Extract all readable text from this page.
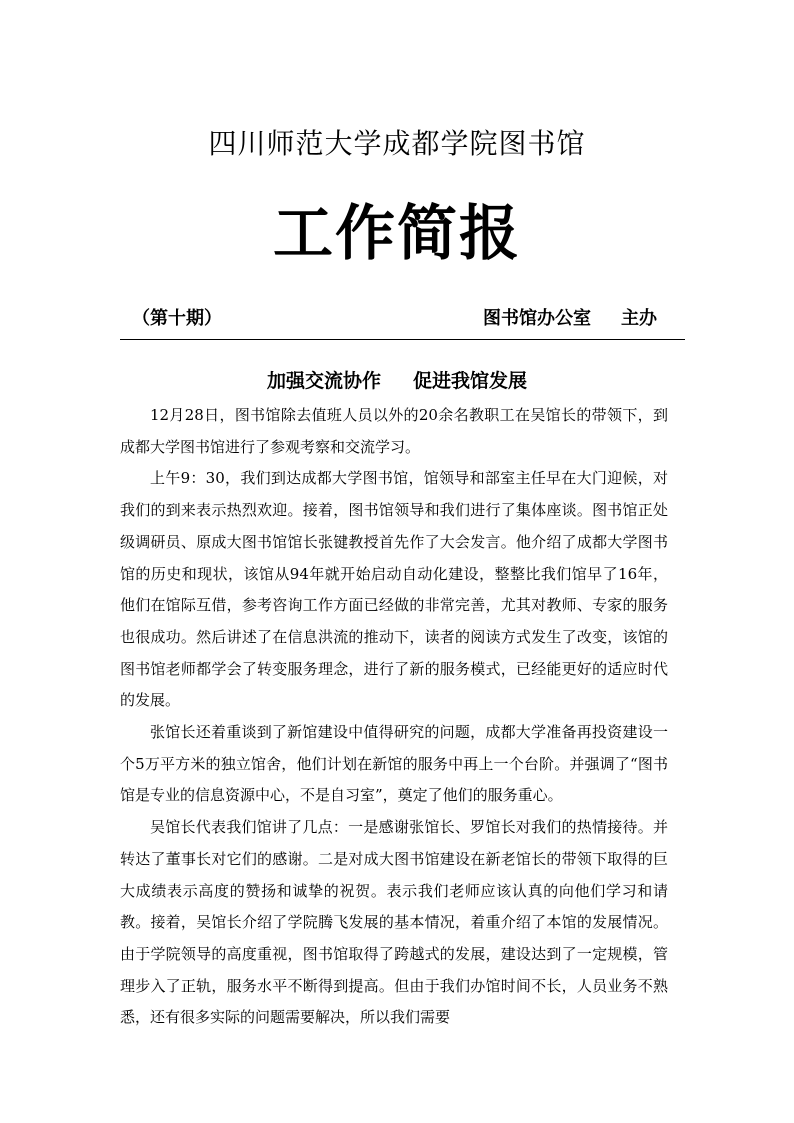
四川师范大学成都学院图书馆
工作简报
（第十期）	图书馆办公室 主办
加强交流协作 促进我馆发展

12月28日，图书馆除去值班人员以外的20余名教职工在吴馆长的带领下，到成都大学图书馆进行了参观考察和交流学习。

上午9：30，我们到达成都大学图书馆，馆领导和部室主任早在大门迎候，对我们的到来表示热烈欢迎。接着，图书馆领导和我们进行了集体座谈。图书馆正处级调研员、原成大图书馆馆长张键教授首先作了大会发言。他介绍了成都大学图书馆的历史和现状，该馆从94年就开始启动自动化建设，整整比我们馆早了16年，他们在馆际互借，参考咨询工作方面已经做的非常完善，尤其对教师、专家的服务也很成功。然后讲述了在信息洪流的推动下，读者的阅读方式发生了改变，该馆的图书馆老师都学会了转变服务理念，进行了新的服务模式，已经能更好的适应时代的发展。

张馆长还着重谈到了新馆建设中值得研究的问题，成都大学准备再投资建设一个5万平方米的独立馆舍，他们计划在新馆的服务中再上一个台阶。并强调了“图书馆是专业的信息资源中心，不是自习室”，奠定了他们的服务重心。

吴馆长代表我们馆讲了几点：一是感谢张馆长、罗馆长对我们的热情接待。并转达了董事长对它们的感谢。二是对成大图书馆建设在新老馆长的带领下取得的巨大成绩表示高度的赞扬和诚挚的祝贺。表示我们老师应该认真的向他们学习和请教。接着，吴馆长介绍了学院腾飞发展的基本情况，着重介绍了本馆的发展情况。由于学院领导的高度重视，图书馆取得了跨越式的发展，建设达到了一定规模，管理步入了正轨，服务水平不断得到提高。但由于我们办馆时间不长，人员业务不熟悉，还有很多实际的问题需要解决，所以我们需要
